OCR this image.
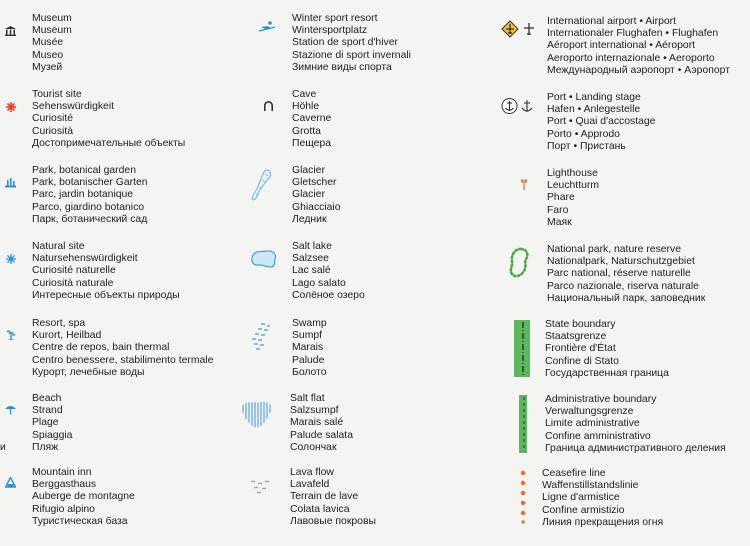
Museum
Museum
Musée
Museo
Музей
Tourist site
Sehenswürdigkeit
Curiosité
Curiosità
Достопримечательные объекты
Park, botanical garden
Park, botanischer Garten
Parc, jardin botanique
Parco, giardino botanico
Парк, ботанический сад
Natural site
Natursehenswürdigkeit
Curiosité naturelle
Curiosità naturale
Интересные объекты природы
Resort, spa
Kurort, Heilbad
Centre de repos, bain thermal
Centro benessere, stabilimento termale
Курорт, лечебные воды
Beach
Strand
Plage
Spiaggia
Пляж
и
Mountain inn
Berggasthaus
Auberge de montagne
Rifugio alpino
Туристическая база
Winter sport resort
Wintersportplatz
Station de sport d'hiver
Stazione di sport invernali
Зимние виды спорта
Cave
Höhle
Caverne
Grotta
Пещера
Glacier
Gletscher
Glacier
Ghiacciaio
Ледник
Salt lake
Salzsee
Lac salé
Lago salato
Солёное озеро
Swamp
Sumpf
Marais
Palude
Болото
Salt flat
Salzsumpf
Marais salé
Palude salata
Солончак
Lava flow
Lavafeld
Terrain de lave
Colata lavica
Лавовые покровы
International airport • Airport
Internationaler Flughafen • Flughafen
Aéroport international • Aéroport
Aeroporto internazionale • Aeroporto
Международный аэропорт • Аэропорт
Port • Landing stage
Hafen • Anlegestelle
Port • Quai d'accostage
Porto • Approdo
Порт • Пристань
Lighthouse
Leuchtturm
Phare
Faro
Маяк
National park, nature reserve
Nationalpark, Naturschutzgebiet
Parc national, réserve naturelle
Parco nazionale, riserva naturale
Национальный парк, заповедник
State boundary
Staatsgrenze
Frontière d'État
Confine di Stato
Государственная граница
Administrative boundary
Verwaltungsgrenze
Limite administrative
Confine amministrativo
Граница административного деления
Ceasefire line
Waffenstillstandslinie
Ligne d'armistice
Confine armistizio
Линия прекращения огня
